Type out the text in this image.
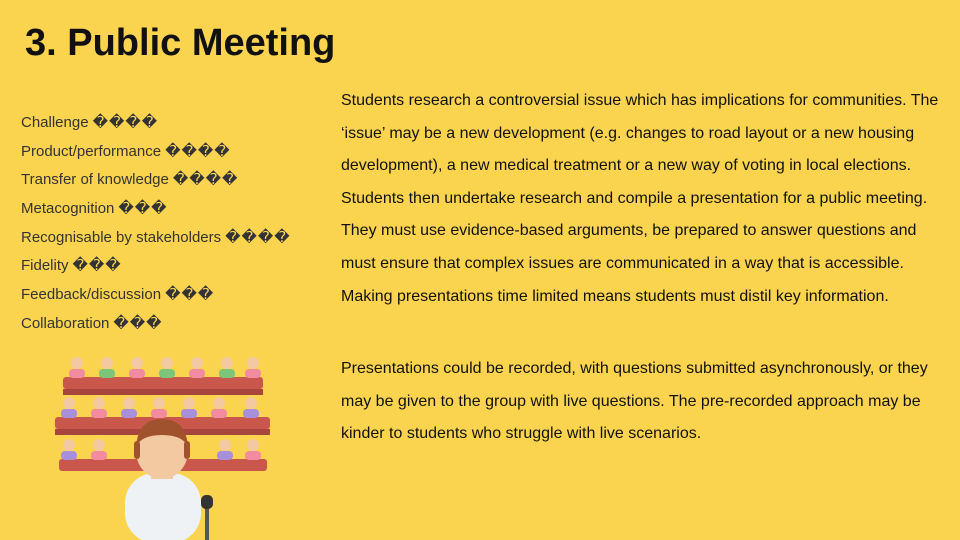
3. Public Meeting
Challenge ����
Product/performance ����
Transfer of knowledge ����
Metacognition ���
Recognisable by stakeholders ����
Fidelity ���
Feedback/discussion ���
Collaboration ���

Students research a controversial issue which has implications for communities. The ‘issue’ may be a new development (e.g. changes to road layout or a new housing development), a new medical treatment or a new way of voting in local elections. Students then undertake research and compile a presentation for a public meeting. They must use evidence-based arguments, be prepared to answer questions and must ensure that complex issues are communicated in a way that is accessible. Making presentations time limited means students must distil key information.

Presentations could be recorded, with questions submitted asynchronously, or they may be given to the group with live questions. The pre-recorded approach may be kinder to students who struggle with live scenarios.
